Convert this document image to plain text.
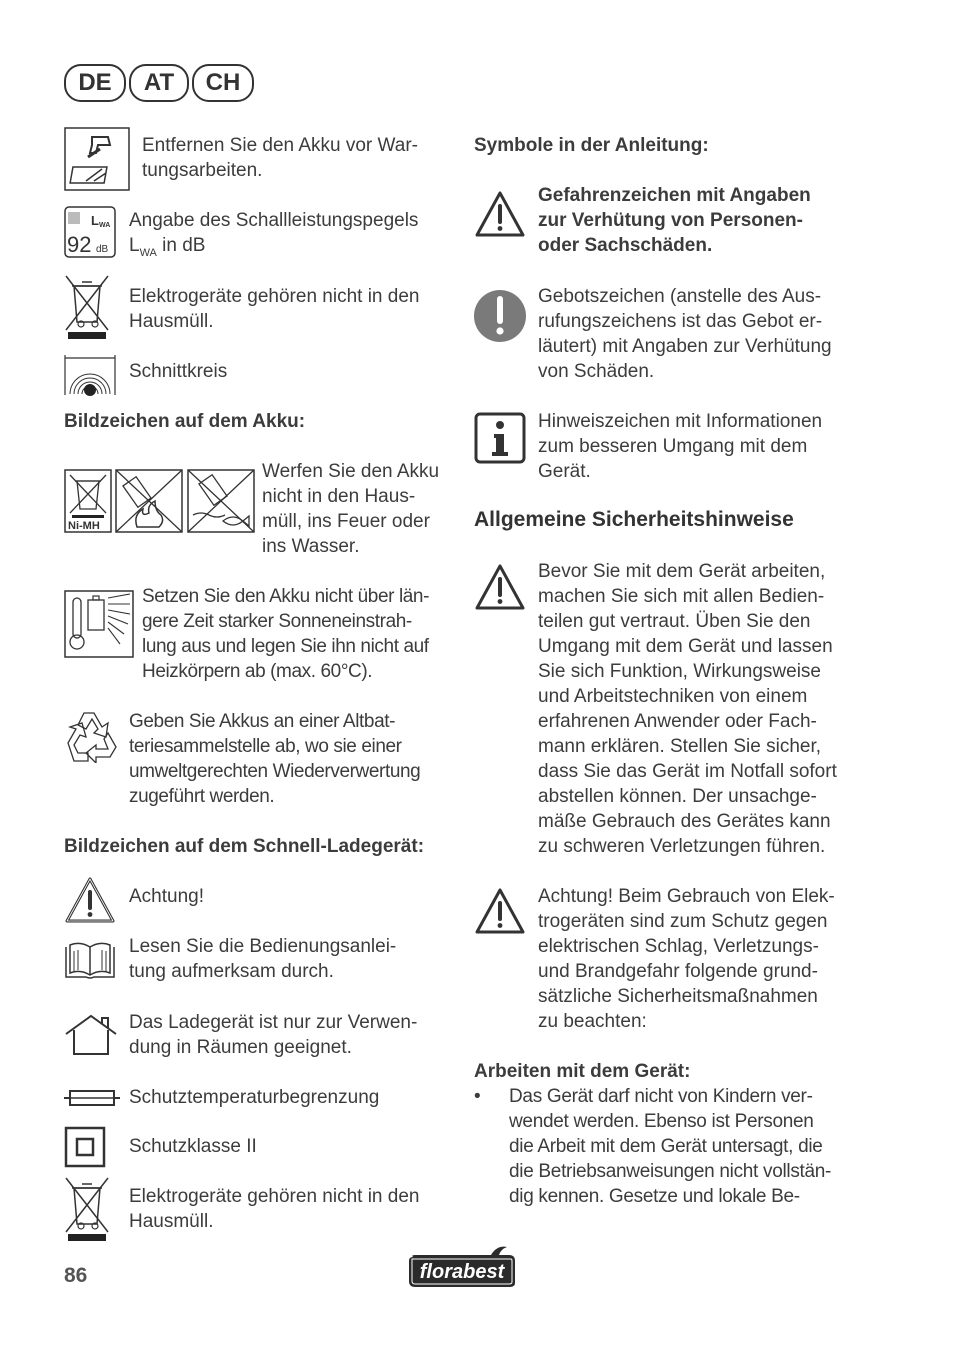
DE	AT	CH
Entfernen Sie den Akku vor War-
tungsarbeiten.
L WA
92 dB
Angabe des Schallleistungspegels
$L_{WA}$ in dB
Elektrogeräte gehören nicht in den
Hausmüll.
Schnittkreis
Bildzeichen auf dem Akku:
Ni-MH
Werfen Sie den Akku
nicht in den Haus-
müll, ins Feuer oder
ins Wasser.
Setzen Sie den Akku nicht über län-
gere Zeit starker Sonneneinstrah-
lung aus und legen Sie ihn nicht auf
Heizkörpern ab (max. 60°C).
Geben Sie Akkus an einer Altbat-
teriesammelstelle ab, wo sie einer
umweltgerechten Wiederverwertung
zugeführt werden.
Bildzeichen auf dem Schnell-Ladegerät:
Achtung!
Lesen Sie die Bedienungsanlei-
tung aufmerksam durch.
Das Ladegerät ist nur zur Verwen-
dung in Räumen geeignet.
Schutztemperaturbegrenzung
Schutzklasse II
Elektrogeräte gehören nicht in den
Hausmüll.
Symbole in der Anleitung:
Gefahrenzeichen mit Angaben
zur Verhütung von Personen-
oder Sachschäden.
Gebotszeichen (anstelle des Aus-
rufungszeichens ist das Gebot er-
läutert) mit Angaben zur Verhütung
von Schäden.
Hinweiszeichen mit Informationen
zum besseren Umgang mit dem
Gerät.
Allgemeine Sicherheitshinweise
Bevor Sie mit dem Gerät arbeiten,
machen Sie sich mit allen Bedien-
teilen gut vertraut. Üben Sie den
Umgang mit dem Gerät und lassen
Sie sich Funktion, Wirkungsweise
und Arbeitstechniken von einem
erfahrenen Anwender oder Fach-
mann erklären. Stellen Sie sicher,
dass Sie das Gerät im Notfall sofort
abstellen können. Der unsachge-
mäße Gebrauch des Gerätes kann
zu schweren Verletzungen führen.
Achtung! Beim Gebrauch von Elek-
trogeräten sind zum Schutz gegen
elektrischen Schlag, Verletzungs-
und Brandgefahr folgende grund-
sätzliche Sicherheitsmaßnahmen
zu beachten:
Arbeiten mit dem Gerät:
• Das Gerät darf nicht von Kindern ver-
wendet werden. Ebenso ist Personen
die Arbeit mit dem Gerät untersagt, die
die Betriebsanweisungen nicht vollstän-
dig kennen. Gesetze und lokale Be-
86	florabest
